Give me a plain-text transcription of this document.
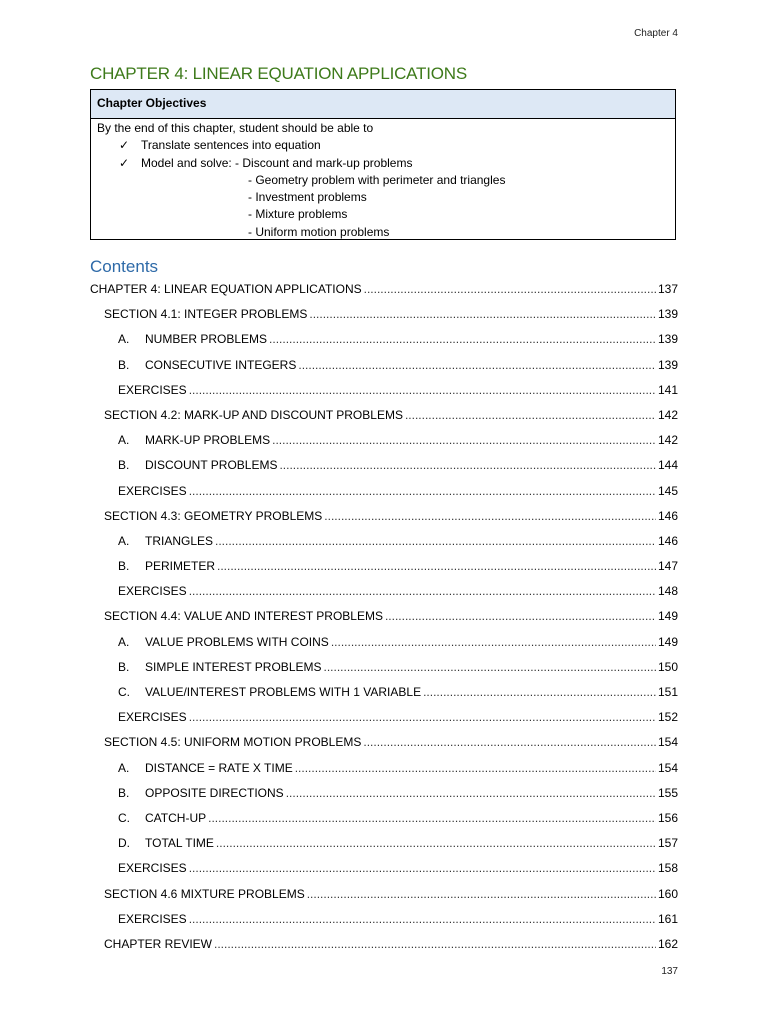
Chapter 4
CHAPTER 4: LINEAR EQUATION APPLICATIONS
Chapter Objectives
By the end of this chapter, student should be able to
✓ Translate sentences into equation
✓ Model and solve: - Discount and mark-up problems
- Geometry problem with perimeter and triangles
- Investment problems
- Mixture problems
- Uniform motion problems
Contents
CHAPTER 4: LINEAR EQUATION APPLICATIONS .....	137
SECTION 4.1: INTEGER PROBLEMS .....	139
A.	NUMBER PROBLEMS .....	139
B.	CONSECUTIVE INTEGERS .....	139
EXERCISES .....	141
SECTION 4.2: MARK-UP AND DISCOUNT PROBLEMS .....	142
A.	MARK-UP PROBLEMS .....	142
B.	DISCOUNT PROBLEMS .....	144
EXERCISES .....	145
SECTION 4.3: GEOMETRY PROBLEMS .....	146
A.	TRIANGLES .....	146
B.	PERIMETER .....	147
EXERCISES .....	148
SECTION 4.4: VALUE AND INTEREST PROBLEMS .....	149
A.	VALUE PROBLEMS WITH COINS .....	149
B.	SIMPLE INTEREST PROBLEMS .....	150
C.	VALUE/INTEREST PROBLEMS WITH 1 VARIABLE .....	151
EXERCISES .....	152
SECTION 4.5: UNIFORM MOTION PROBLEMS .....	154
A.	DISTANCE = RATE X TIME .....	154
B.	OPPOSITE DIRECTIONS .....	155
C.	CATCH-UP .....	156
D.	TOTAL TIME .....	157
EXERCISES .....	158
SECTION 4.6 MIXTURE PROBLEMS .....	160
EXERCISES .....	161
CHAPTER REVIEW .....	162
137
